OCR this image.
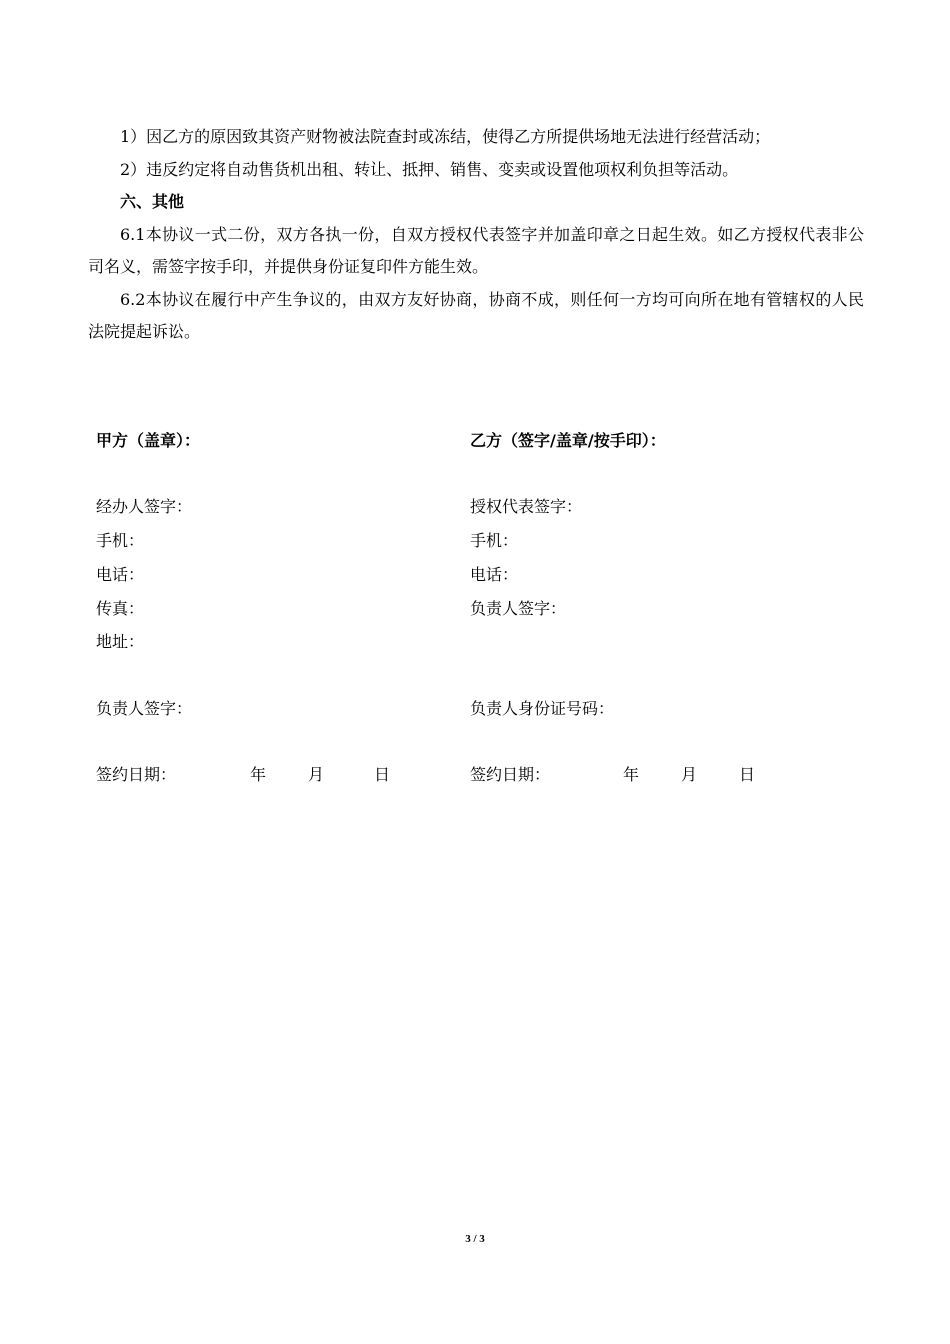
1）因乙方的原因致其资产财物被法院查封或冻结，使得乙方所提供场地无法进行经营活动；

2）违反约定将自动售货机出租、转让、抵押、销售、变卖或设置他项权利负担等活动。

六、其他

6.1本协议一式二份，双方各执一份，自双方授权代表签字并加盖印章之日起生效。如乙方授权代表非公司名义，需签字按手印，并提供身份证复印件方能生效。

6.2本协议在履行中产生争议的，由双方友好协商，协商不成，则任何一方均可向所在地有管辖权的人民法院提起诉讼。

甲方（盖章）：
经办人签字：
手机：
电话：
传真：
地址：
负责人签字：
签约日期：	年	月	日
乙方（签字/盖章/按手印）：
授权代表签字：
手机：
电话：
负责人签字：
负责人身份证号码：
签约日期：	年	月	日
3 / 3
